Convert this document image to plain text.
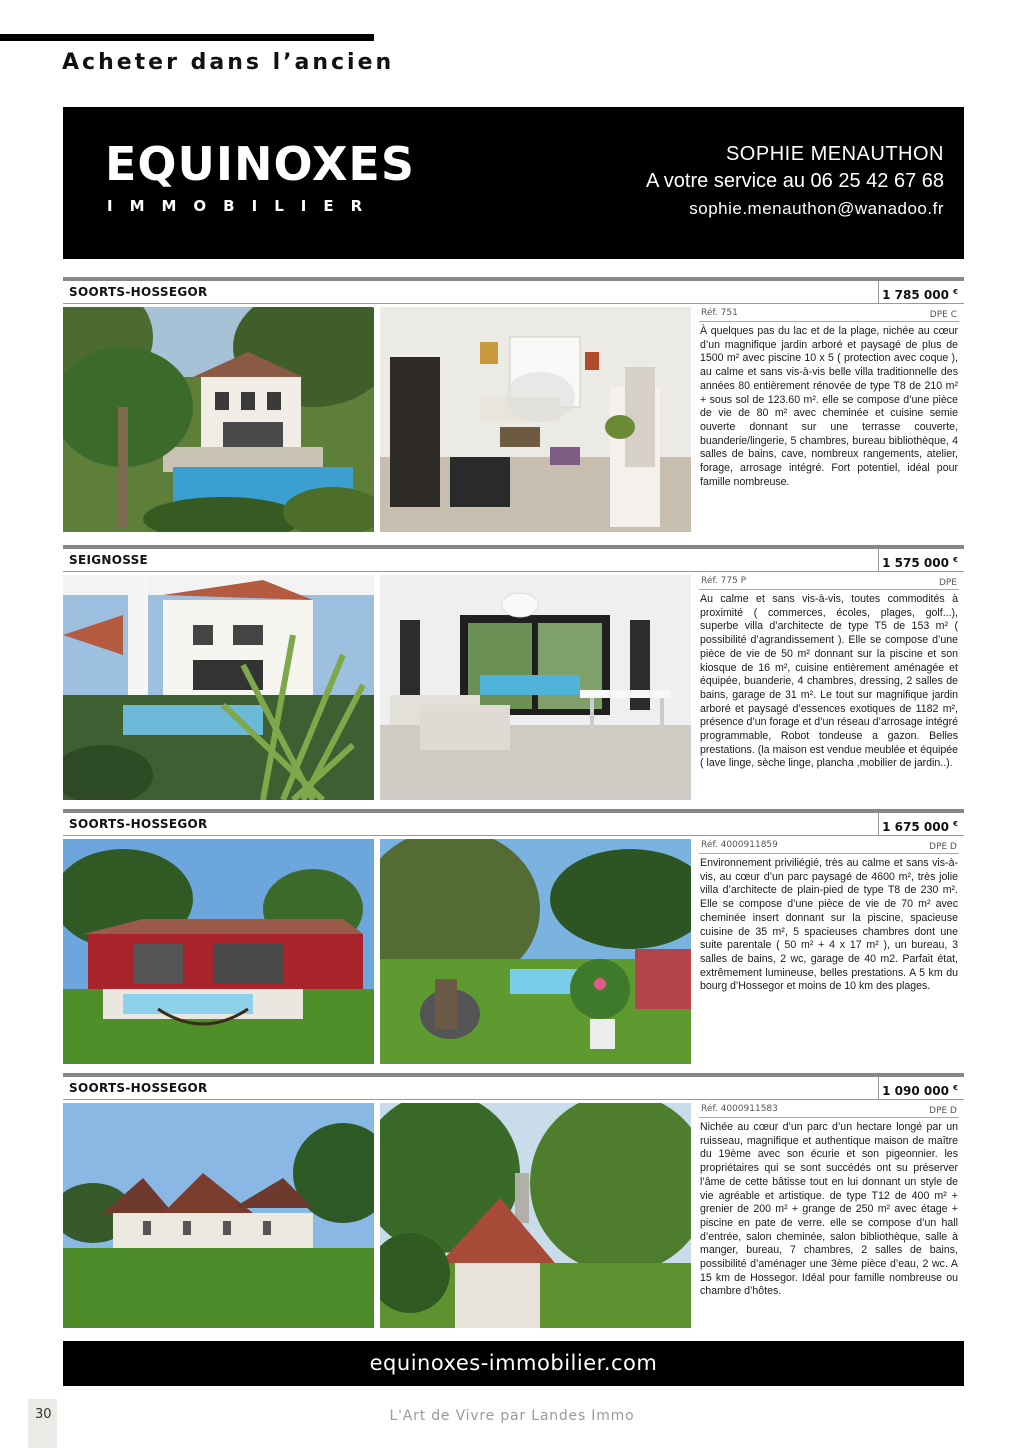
Acheter dans l’ancien
EQUINOXES
IMMOBILIER
SOPHIE MENAUTHON
A votre service au 06 25 42 67 68
sophie.menauthon@wanadoo.fr
SOORTS-HOSSEGOR	1 785 000 €
Réf. 751	DPE C

À quelques pas du lac et de la plage, nichée au cœur d’un magnifique jardin arboré et paysagé de plus de 1500 m² avec piscine 10 x 5 ( protection avec coque ), au calme et sans vis-à-vis belle villa traditionnelle des années 80 entièrement rénovée de type T8 de 210 m² + sous sol de 123.60 m². elle se compose d’une pièce de vie de 80 m² avec cheminée et cuisine semie ouverte donnant sur une terrasse couverte, buanderie/lingerie, 5 chambres, bureau bibliothèque, 4 salles de bains, cave, nombreux rangements, atelier, forage, arrosage intégré. Fort potentiel, idéal pour famille nombreuse.

SEIGNOSSE	1 575 000 €
Réf. 775 P	DPE

Au calme et sans vis-à-vis, toutes commodités à proximité ( commerces, écoles, plages, golf...), superbe villa d’architecte de type T5 de 153 m² ( possibilité d’agrandissement ). Elle se compose d’une pièce de vie de 50 m² donnant sur la piscine et son kiosque de 16 m², cuisine entièrement aménagée et équipée, buanderie, 4 chambres, dressing, 2 salles de bains, garage de 31 m². Le tout sur magnifique jardin arboré et paysagé d’essences exotiques de 1182 m², présence d’un forage et d’un réseau d’arrosage intégré programmable, Robot tondeuse a gazon. Belles prestations. (la maison est vendue meublée et équipée ( lave linge, sèche linge, plancha ,mobilier de jardin..).

SOORTS-HOSSEGOR	1 675 000 €
Réf. 4000911859	DPE D

Environnement priviliégié, très au calme et sans vis-à-vis, au cœur d’un parc paysagé de 4600 m², très jolie villa d’architecte de plain-pied de type T8 de 230 m². Elle se compose d’une pièce de vie de 70 m² avec cheminée insert donnant sur la piscine, spacieuse cuisine de 35 m², 5 spacieuses chambres dont une suite parentale ( 50 m² + 4 x 17 m² ), un bureau, 3 salles de bains, 2 wc, garage de 40 m2. Parfait état, extrêmement lumineuse, belles prestations. A 5 km du bourg d’Hossegor et moins de 10 km des plages.

SOORTS-HOSSEGOR	1 090 000 €
Réf. 4000911583	DPE D

Nichée au cœur d’un parc d’un hectare longé par un ruisseau, magnifique et authentique maison de maître du 19ème avec son écurie et son pigeonnier. les propriétaires qui se sont succédés ont su préserver l’âme de cette bâtisse tout en lui donnant un style de vie agréable et artistique. de type T12 de 400 m² + grenier de 200 m² + grange de 250 m² avec étage + piscine en pate de verre. elle se compose d’un hall d’entrée, salon cheminée, salon bibliothèque, salle à manger, bureau, 7 chambres, 2 salles de bains, possibilité d’aménager une 3ème pièce d’eau, 2 wc. A 15 km de Hossegor. Idéal pour famille nombreuse ou chambre d’hôtes.

equinoxes-immobilier.com
30	L'Art de Vivre par Landes Immo
